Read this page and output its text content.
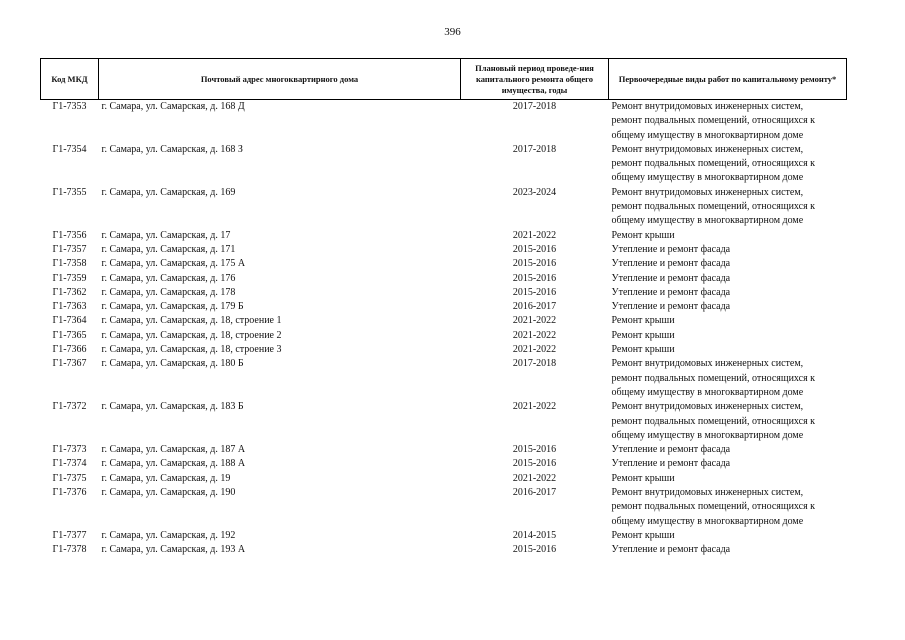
396
Код МКД	Почтовый адрес многоквартирного дома	Плановый период проведе-ния капитального ремонта общего имущества, годы	Первоочередные виды работ по капитальному ремонту*
Г1-7353	г. Самара, ул. Самарская, д. 168 Д	2017-2018	Ремонт внутридомовых инженерных систем,
ремонт подвальных помещений, относящихся к
общему имуществу в многоквартирном доме

Г1-7354	г. Самара, ул. Самарская, д. 168 З	2017-2018	Ремонт внутридомовых инженерных систем,
ремонт подвальных помещений, относящихся к
общему имуществу в многоквартирном доме

Г1-7355	г. Самара, ул. Самарская, д. 169	2023-2024	Ремонт внутридомовых инженерных систем,
ремонт подвальных помещений, относящихся к
общему имуществу в многоквартирном доме

Г1-7356	г. Самара, ул. Самарская, д. 17	2021-2022	Ремонт крыши

Г1-7357	г. Самара, ул. Самарская, д. 171	2015-2016	Утепление и ремонт фасада

Г1-7358	г. Самара, ул. Самарская, д. 175 А	2015-2016	Утепление и ремонт фасада

Г1-7359	г. Самара, ул. Самарская, д. 176	2015-2016	Утепление и ремонт фасада

Г1-7362	г. Самара, ул. Самарская, д. 178	2015-2016	Утепление и ремонт фасада

Г1-7363	г. Самара, ул. Самарская, д. 179 Б	2016-2017	Утепление и ремонт фасада

Г1-7364	г. Самара, ул. Самарская, д. 18, строение 1	2021-2022	Ремонт крыши

Г1-7365	г. Самара, ул. Самарская, д. 18, строение 2	2021-2022	Ремонт крыши

Г1-7366	г. Самара, ул. Самарская, д. 18, строение 3	2021-2022	Ремонт крыши

Г1-7367	г. Самара, ул. Самарская, д. 180 Б	2017-2018	Ремонт внутридомовых инженерных систем,
ремонт подвальных помещений, относящихся к
общему имуществу в многоквартирном доме

Г1-7372	г. Самара, ул. Самарская, д. 183 Б	2021-2022	Ремонт внутридомовых инженерных систем,
ремонт подвальных помещений, относящихся к
общему имуществу в многоквартирном доме

Г1-7373	г. Самара, ул. Самарская, д. 187 А	2015-2016	Утепление и ремонт фасада

Г1-7374	г. Самара, ул. Самарская, д. 188 А	2015-2016	Утепление и ремонт фасада

Г1-7375	г. Самара, ул. Самарская, д. 19	2021-2022	Ремонт крыши

Г1-7376	г. Самара, ул. Самарская, д. 190	2016-2017	Ремонт внутридомовых инженерных систем,
ремонт подвальных помещений, относящихся к
общему имуществу в многоквартирном доме

Г1-7377	г. Самара, ул. Самарская, д. 192	2014-2015	Ремонт крыши

Г1-7378	г. Самара, ул. Самарская, д. 193 А	2015-2016	Утепление и ремонт фасада
